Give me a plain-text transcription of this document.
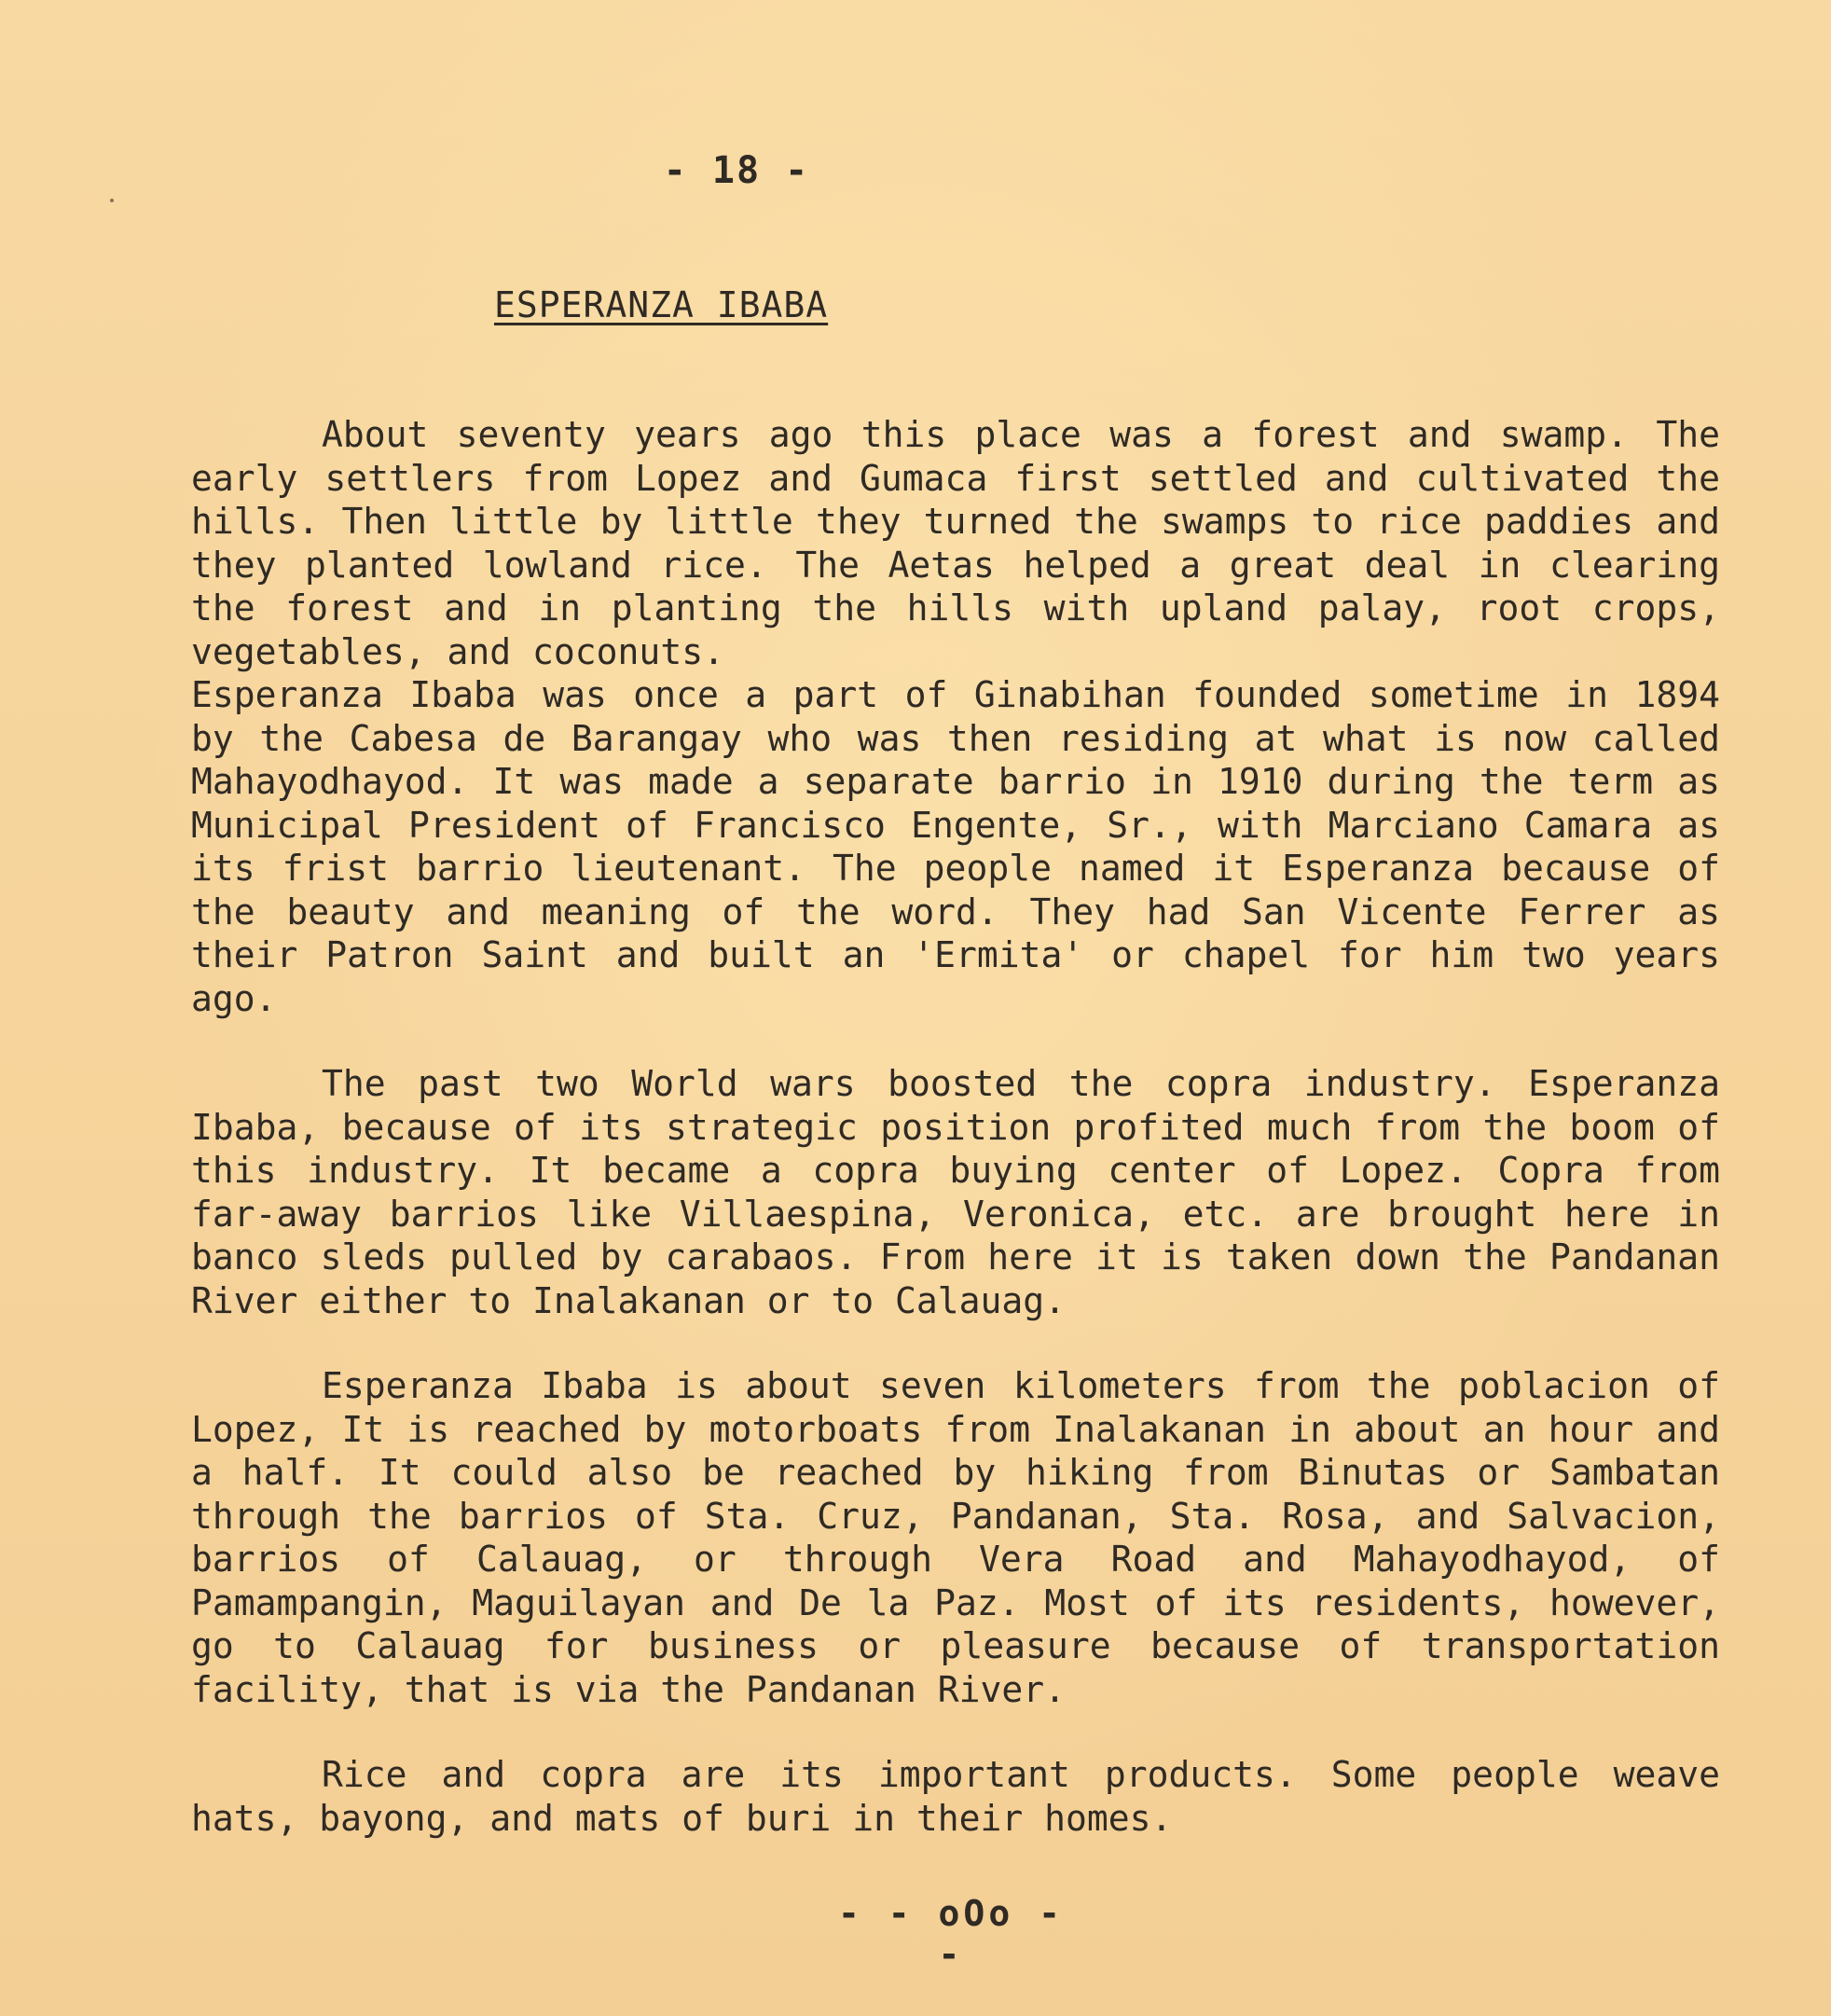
- 18 -
ESPERANZA IBABA

About seventy years ago this place was a forest and swamp. The early settlers from Lopez and Gumaca first settled and cultivated the hills. Then little by little they turned the swamps to rice paddies and they planted lowland rice. The Aetas helped a great deal in clearing the forest and in planting the hills with upland palay, root crops, vegetables, and coconuts.

Esperanza Ibaba was once a part of Ginabihan founded sometime in 1894 by the Cabesa de Barangay who was then residing at what is now called Mahayodhayod. It was made a separate barrio in 1910 during the term as Municipal President of Francisco Engente, Sr., with Marciano Camara as its frist barrio lieutenant. The people named it Esperanza because of the beauty and meaning of the word. They had San Vicente Ferrer as their Patron Saint and built an 'Ermita' or chapel for him two years ago.

The past two World wars boosted the copra industry. Esperanza Ibaba, because of its strategic position profited much from the boom of this industry. It became a copra buying center of Lopez. Copra from far-away barrios like Villaespina, Veronica, etc. are brought here in banco sleds pulled by carabaos. From here it is taken down the Pandanan River either to Inalakanan or to Calauag.

Esperanza Ibaba is about seven kilometers from the poblacion of Lopez, It is reached by motorboats from Inalakanan in about an hour and a half. It could also be reached by hiking from Binutas or Sambatan through the barrios of Sta. Cruz, Pandanan, Sta. Rosa, and Salvacion, barrios of Calauag, or through Vera Road and Mahayodhayod, of Pamampangin, Maguilayan and De la Paz. Most of its residents, however, go to Calauag for business or pleasure because of transportation facility, that is via the Pandanan River.

Rice and copra are its important products. Some people weave hats, bayong, and mats of buri in their homes.

- - oOo - -
